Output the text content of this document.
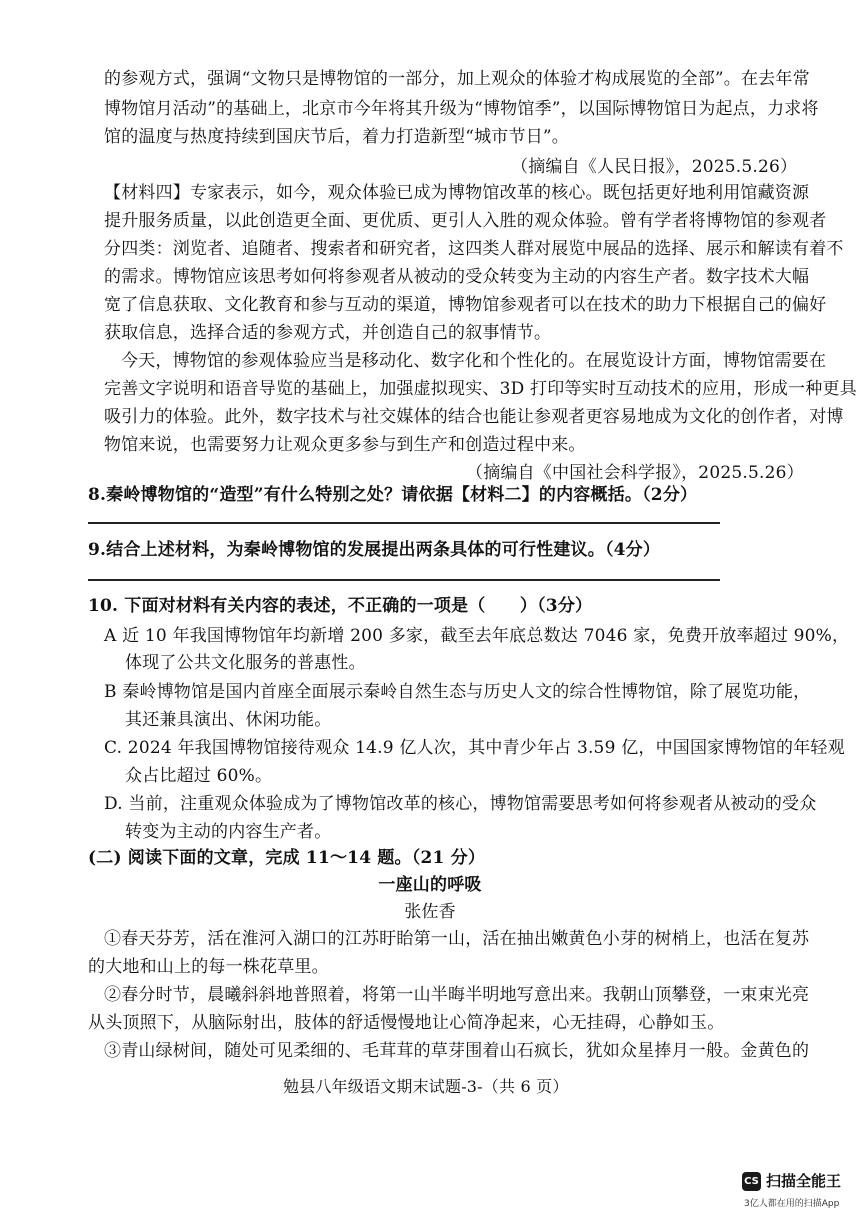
的参观方式，强调“文物只是博物馆的一部分，加上观众的体验才构成展览的全部”。在去年常
博物馆月活动”的基础上，北京市今年将其升级为“博物馆季”，以国际博物馆日为起点，力求将
馆的温度与热度持续到国庆节后，着力打造新型“城市节日”。
（摘编自《人民日报》，2025.5.26）
【材料四】专家表示，如今，观众体验已成为博物馆改革的核心。既包括更好地利用馆藏资源
提升服务质量，以此创造更全面、更优质、更引人入胜的观众体验。曾有学者将博物馆的参观者
分四类：浏览者、追随者、搜索者和研究者，这四类人群对展览中展品的选择、展示和解读有着不
的需求。博物馆应该思考如何将参观者从被动的受众转变为主动的内容生产者。数字技术大幅
宽了信息获取、文化教育和参与互动的渠道，博物馆参观者可以在技术的助力下根据自己的偏好
获取信息，选择合适的参观方式，并创造自己的叙事情节。
今天，博物馆的参观体验应当是移动化、数字化和个性化的。在展览设计方面，博物馆需要在
完善文字说明和语音导览的基础上，加强虚拟现实、3D 打印等实时互动技术的应用，形成一种更具
吸引力的体验。此外，数字技术与社交媒体的结合也能让参观者更容易地成为文化的创作者，对博
物馆来说，也需要努力让观众更多参与到生产和创造过程中来。
（摘编自《中国社会科学报》，2025.5.26）
8.秦岭博物馆的“造型”有什么特别之处？请依据【材料二】的内容概括。（2分）
9.结合上述材料，为秦岭博物馆的发展提出两条具体的可行性建议。（4分）
10. 下面对材料有关内容的表述，不正确的一项是（　　）（3分）
A 近 10 年我国博物馆年均新增 200 多家，截至去年底总数达 7046 家，免费开放率超过 90%，
体现了公共文化服务的普惠性。
B 秦岭博物馆是国内首座全面展示秦岭自然生态与历史人文的综合性博物馆，除了展览功能，
其还兼具演出、休闲功能。
C. 2024 年我国博物馆接待观众 14.9 亿人次，其中青少年占 3.59 亿，中国国家博物馆的年轻观
众占比超过 60%。
D. 当前，注重观众体验成为了博物馆改革的核心，博物馆需要思考如何将参观者从被动的受众
转变为主动的内容生产者。
(二) 阅读下面的文章，完成 11～14 题。（21 分）
一座山的呼吸
张佐香
①春天芬芳，活在淮河入湖口的江苏盱眙第一山，活在抽出嫩黄色小芽的树梢上，也活在复苏
的大地和山上的每一株花草里。
②春分时节，晨曦斜斜地普照着，将第一山半晦半明地写意出来。我朝山顶攀登，一束束光亮
从头顶照下，从脑际射出，肢体的舒适慢慢地让心简净起来，心无挂碍，心静如玉。
③青山绿树间，随处可见柔细的、毛茸茸的草芽围着山石疯长，犹如众星捧月一般。金黄色的
勉县八年级语文期末试题-3-（共 6 页）
CS 扫描全能王
3亿人都在用的扫描App
